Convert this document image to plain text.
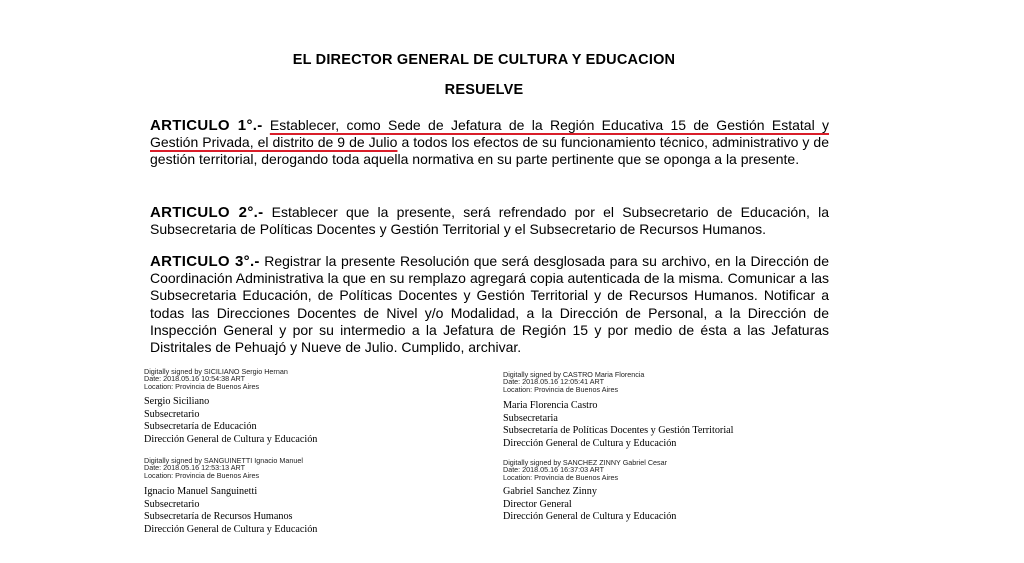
EL DIRECTOR GENERAL DE CULTURA Y EDUCACION
RESUELVE

ARTICULO 1°.- Establecer, como Sede de Jefatura de la Región Educativa 15 de Gestión Estatal y Gestión Privada, el distrito de 9 de Julio a todos los efectos de su funcionamiento técnico, administrativo y de gestión territorial, derogando toda aquella normativa en su parte pertinente que se oponga a la presente.

ARTICULO 2°.- Establecer que la presente, será refrendado por el Subsecretario de Educación, la Subsecretaria de Políticas Docentes y Gestión Territorial y el Subsecretario de Recursos Humanos.

ARTICULO 3°.- Registrar la presente Resolución que será desglosada para su archivo, en la Dirección de Coordinación Administrativa la que en su remplazo agregará copia autenticada de la misma. Comunicar a las Subsecretaria Educación, de Políticas Docentes y Gestión Territorial y de Recursos Humanos. Notificar a todas las Direcciones Docentes de Nivel y/o Modalidad, a la Dirección de Personal, a la Dirección de Inspección General y por su intermedio a la Jefatura de Región 15 y por medio de ésta a las Jefaturas Distritales de Pehuajó y Nueve de Julio. Cumplido, archivar.

Digitally signed by SICILIANO Sergio Hernan
Date: 2018.05.16 10:54:38 ART
Location: Provincia de Buenos Aires
Sergio Siciliano
Subsecretario
Subsecretaría de Educación
Dirección General de Cultura y Educación
Digitally signed by CASTRO Maria Florencia
Date: 2018.05.16 12:05:41 ART
Location: Provincia de Buenos Aires
Maria Florencia Castro
Subsecretaria
Subsecretaría de Políticas Docentes y Gestión Territorial
Dirección General de Cultura y Educación
Digitally signed by SANGUINETTI Ignacio Manuel
Date: 2018.05.16 12:53:13 ART
Location: Provincia de Buenos Aires
Ignacio Manuel Sanguinetti
Subsecretario
Subsecretaría de Recursos Humanos
Dirección General de Cultura y Educación
Digitally signed by SANCHEZ ZINNY Gabriel Cesar
Date: 2018.05.16 16:37:03 ART
Location: Provincia de Buenos Aires
Gabriel Sanchez Zinny
Director General
Dirección General de Cultura y Educación
